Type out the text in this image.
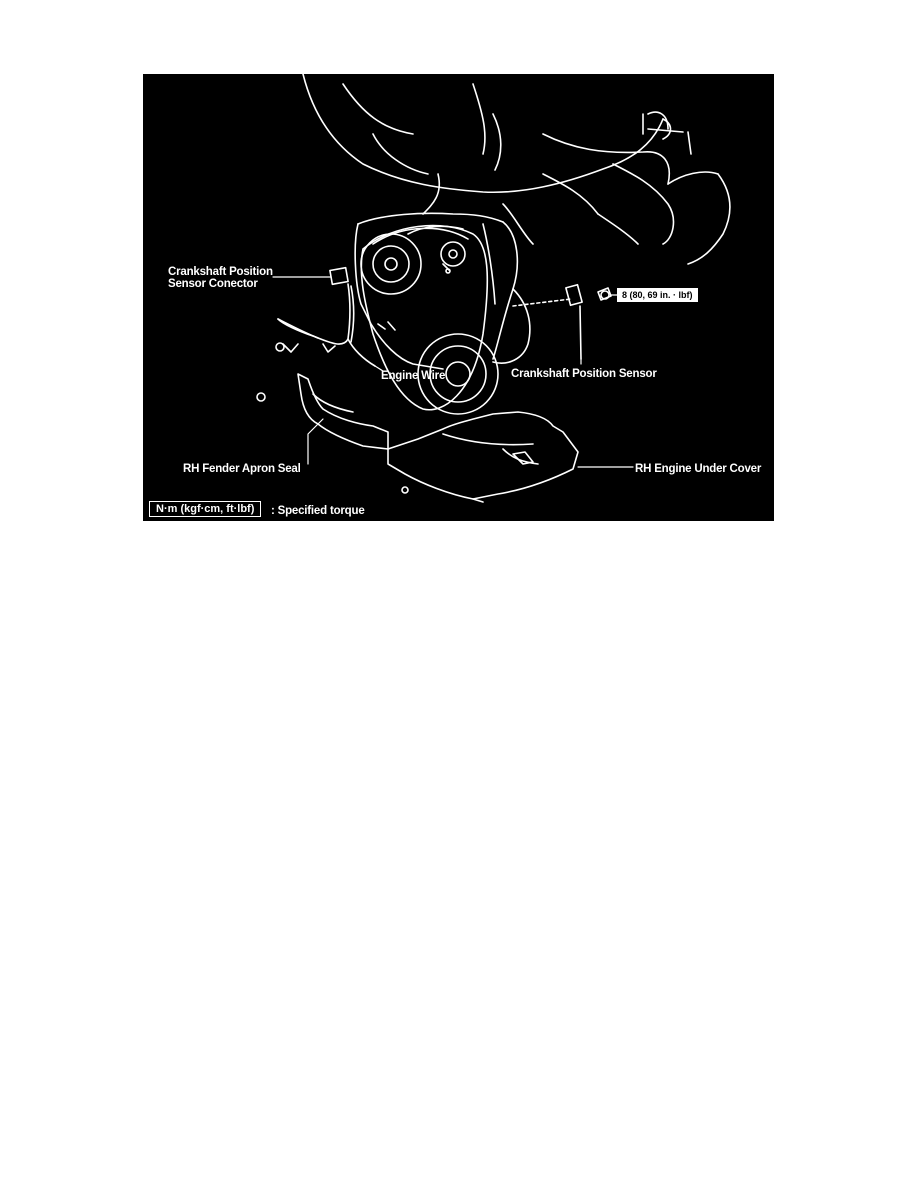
Crankshaft Position
Sensor Conector
Engine Wire	Crankshaft Position Sensor
RH Fender Apron Seal	RH Engine Under Cover
8 (80, 69 in. · lbf)
N·m (kgf·cm, ft·lbf)	: Specified torque
